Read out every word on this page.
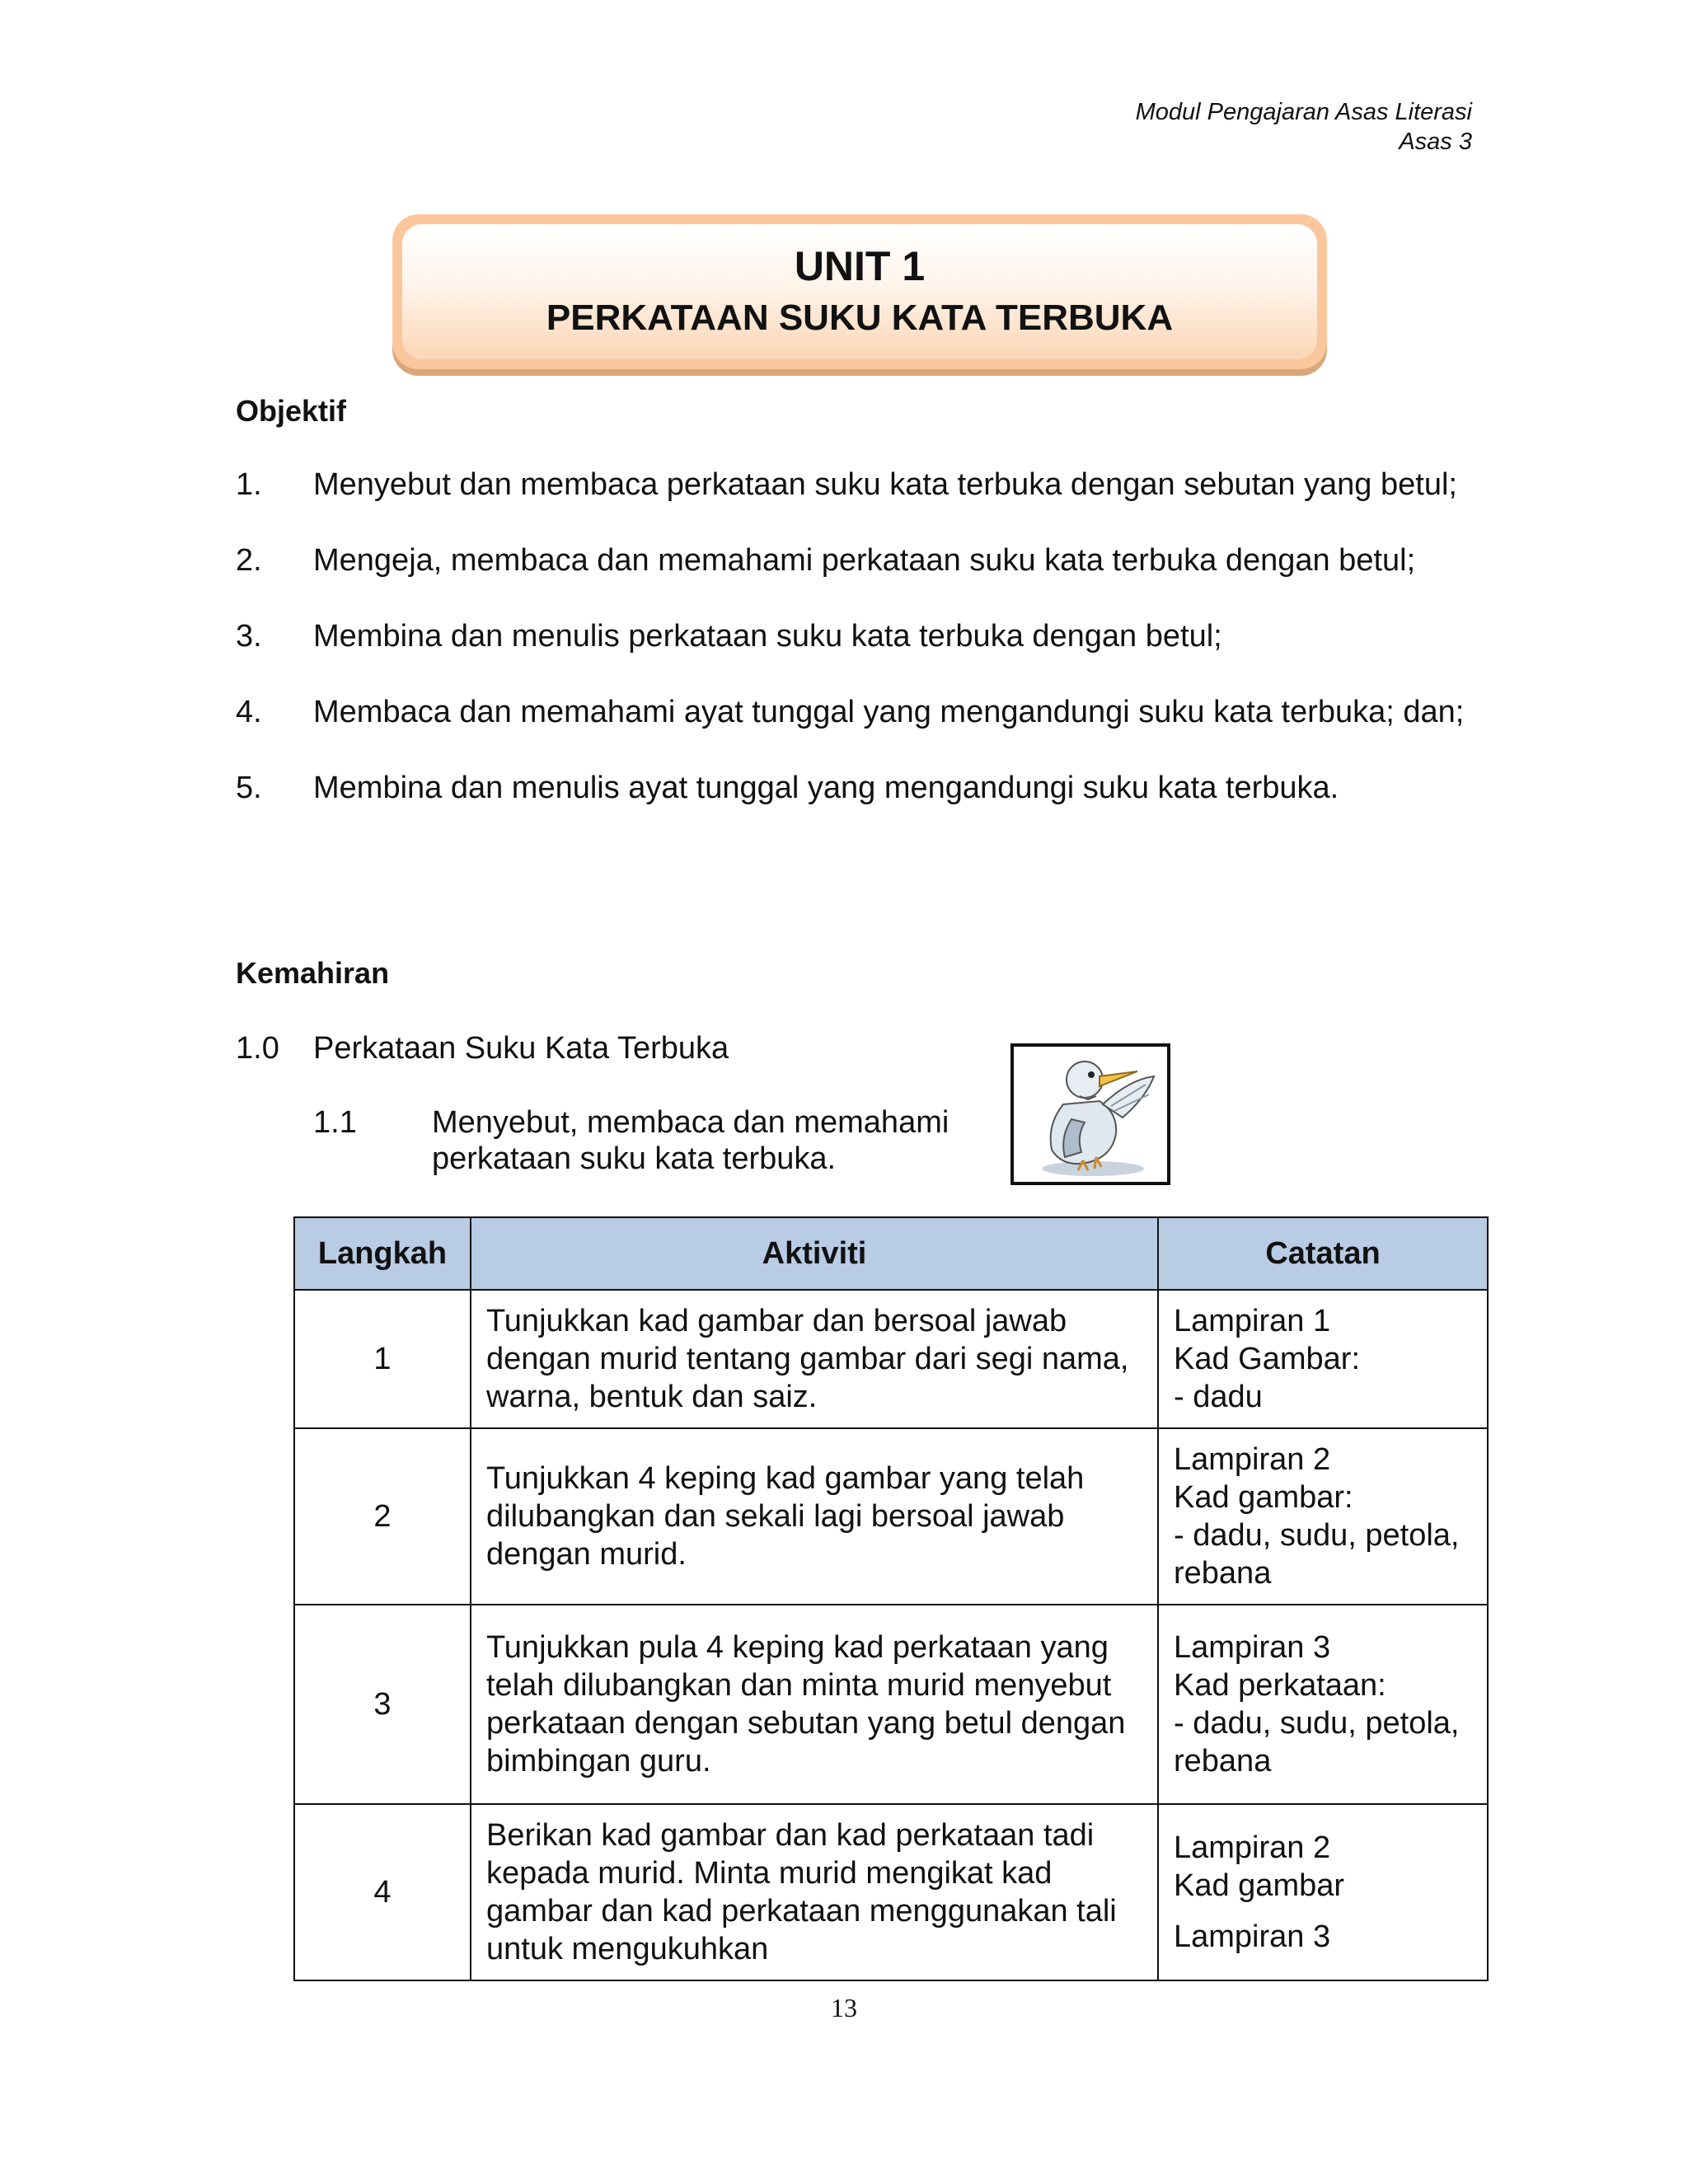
Modul Pengajaran Asas Literasi
Asas 3
UNIT 1
PERKATAAN SUKU KATA TERBUKA
Objektif
1.	Menyebut dan membaca perkataan suku kata terbuka dengan sebutan yang betul;
2.	Mengeja, membaca dan memahami perkataan suku kata terbuka dengan betul;
3.	Membina dan menulis perkataan suku kata terbuka dengan betul;
4.	Membaca dan memahami ayat tunggal yang mengandungi suku kata terbuka; dan;
5.	Membina dan menulis ayat tunggal yang mengandungi suku kata terbuka.
Kemahiran
1.0	Perkataan Suku Kata Terbuka
1.1	Menyebut, membaca dan memahami perkataan suku kata terbuka.
Langkah	Aktiviti	Catatan
1	Tunjukkan kad gambar dan bersoal jawab dengan murid tentang gambar dari segi nama, warna, bentuk dan saiz.	Lampiran 1
Kad Gambar:
- dadu

2	Tunjukkan 4 keping kad gambar yang telah dilubangkan dan sekali lagi bersoal jawab dengan murid.	Lampiran 2
Kad gambar:
- dadu, sudu, petola, rebana

3	Tunjukkan pula 4 keping kad perkataan yang telah dilubangkan dan minta murid menyebut perkataan dengan sebutan yang betul dengan bimbingan guru.	Lampiran 3
Kad perkataan:
- dadu, sudu, petola, rebana

4	Berikan kad gambar dan kad perkataan tadi kepada murid. Minta murid mengikat kad gambar dan kad perkataan menggunakan tali untuk mengukuhkan	Lampiran 2
Kad gambar
Lampiran 3
13
